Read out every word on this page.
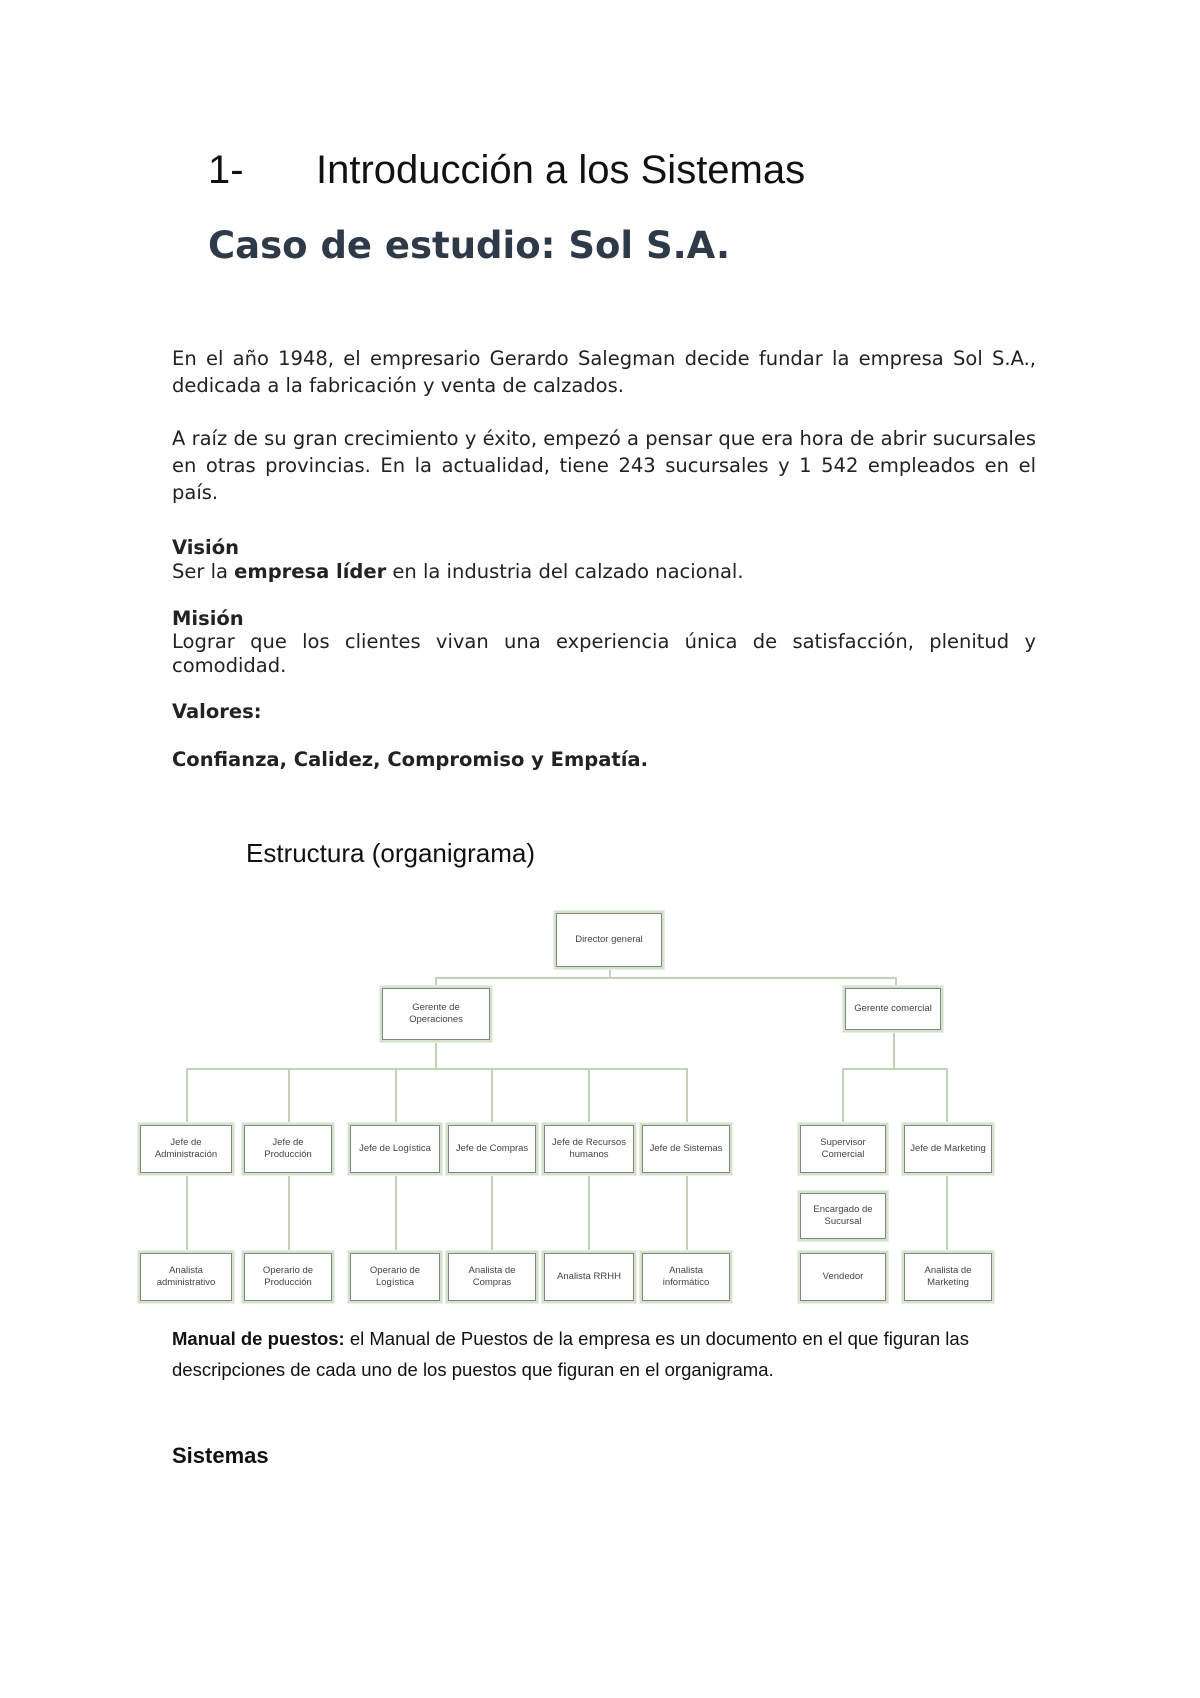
1- Introducción a los Sistemas
Caso de estudio: Sol S.A.
En el año 1948, el empresario Gerardo Salegman decide fundar la empresa Sol S.A., dedicada a la fabricación y venta de calzados.
A raíz de su gran crecimiento y éxito, empezó a pensar que era hora de abrir sucursales en otras provincias. En la actualidad, tiene 243 sucursales y 1 542 empleados en el país.
Visión
Ser la empresa líder en la industria del calzado nacional.
Misión
Lograr que los clientes vivan una experiencia única de satisfacción, plenitud y comodidad.
Valores:
Confianza, Calidez, Compromiso y Empatía.
Estructura (organigrama)
Director general
Gerente de Operaciones
Gerente comercial
Jefe de Administración
Jefe de Producción
Jefe de Logística	Jefe de Compras
Jefe de Recursos humanos
Jefe de Sistemas
Supervisor Comercial
Jefe de Marketing
Encargado de Sucursal
Analista administrativo
Operario de Producción
Operario de Logística
Analista de Compras
Analista RRHH
Analista informático
Vendedor
Analista de Marketing
Manual de puestos: el Manual de Puestos de la empresa es un documento en el que figuran las descripciones de cada uno de los puestos que figuran en el organigrama.
Sistemas
